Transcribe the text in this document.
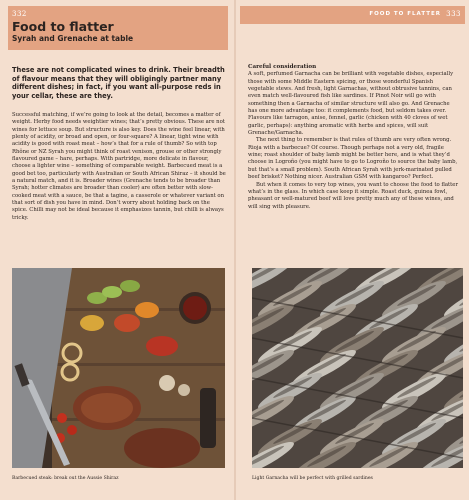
332
Food to flatter
Syrah and Grenache at table
These are not complicated wines to drink. Their breadth of flavour means that they will obligingly partner many different dishes; in fact, if you want all-purpose reds in your cellar, these are they.

Successful matching, if we’re going to look at the detail, becomes a matter of weight. Herby food needs weightier wines; that’s pretty obvious. These are not wines for lettuce soup. But structure is also key. Does the wine feel linear, with plenty of acidity, or broad and open, or four-square? A linear, tight wine with acidity is good with roast meat – how’s that for a rule of thumb? So with top Rhône or NZ Syrah you might think of roast venison, grouse or other strongly flavoured game – hare, perhaps. With partridge, more delicate in flavour, choose a lighter wine – something of comparable weight. Barbecued meat is a good bet too, particularly with Australian or South African Shiraz – it should be a natural match, and it is. Broader wines (Grenache tends to be broader than Syrah; hotter climates are broader than cooler) are often better with slow-cooked meat with a sauce, be that a tagine, a casserole or whatever variant on that sort of dish you have in mind. Don’t worry about holding back on the spice. Chilli may not be ideal because it emphasizes tannin, but chilli is always tricky.

Barbecued steak: break out the Aussie Shiraz
FOOD TO FLATTER 333

Careful consideration

A soft, perfumed Garnacha can be brilliant with vegetable dishes, especially those with some Middle Eastern spicing, or those wonderful Spanish vegetable stews. And fresh, light Garnachas, without obtrusive tannins, can even match well-flavoured fish like sardines. If Pinot Noir will go with something then a Garnacha of similar structure will also go. And Grenache has one more advantage too: it complements food, but seldom takes over. Flavours like tarragon, anise, fennel, garlic (chicken with 40 cloves of wet garlic, perhaps): anything aromatic with herbs and spices, will suit Grenache/Garnacha.

The next thing to remember is that rules of thumb are very often wrong. Rioja with a barbecue? Of course. Though perhaps not a very old, fragile wine; roast shoulder of baby lamb might be better here, and is what they’d choose in Logroño (you might have to go to Logroño to source the baby lamb, but that’s a small problem). South African Syrah with jerk-marinated pulled beef brisket? Nothing nicer. Australian GSM with kangaroo? Perfect.

But when it comes to very top wines, you want to choose the food to flatter what’s in the glass. In which case keep it simple. Roast duck, guinea fowl, pheasant or well-matured beef will love pretty much any of these wines, and will sing with pleasure.

Light Garnacha will be perfect with grilled sardines
